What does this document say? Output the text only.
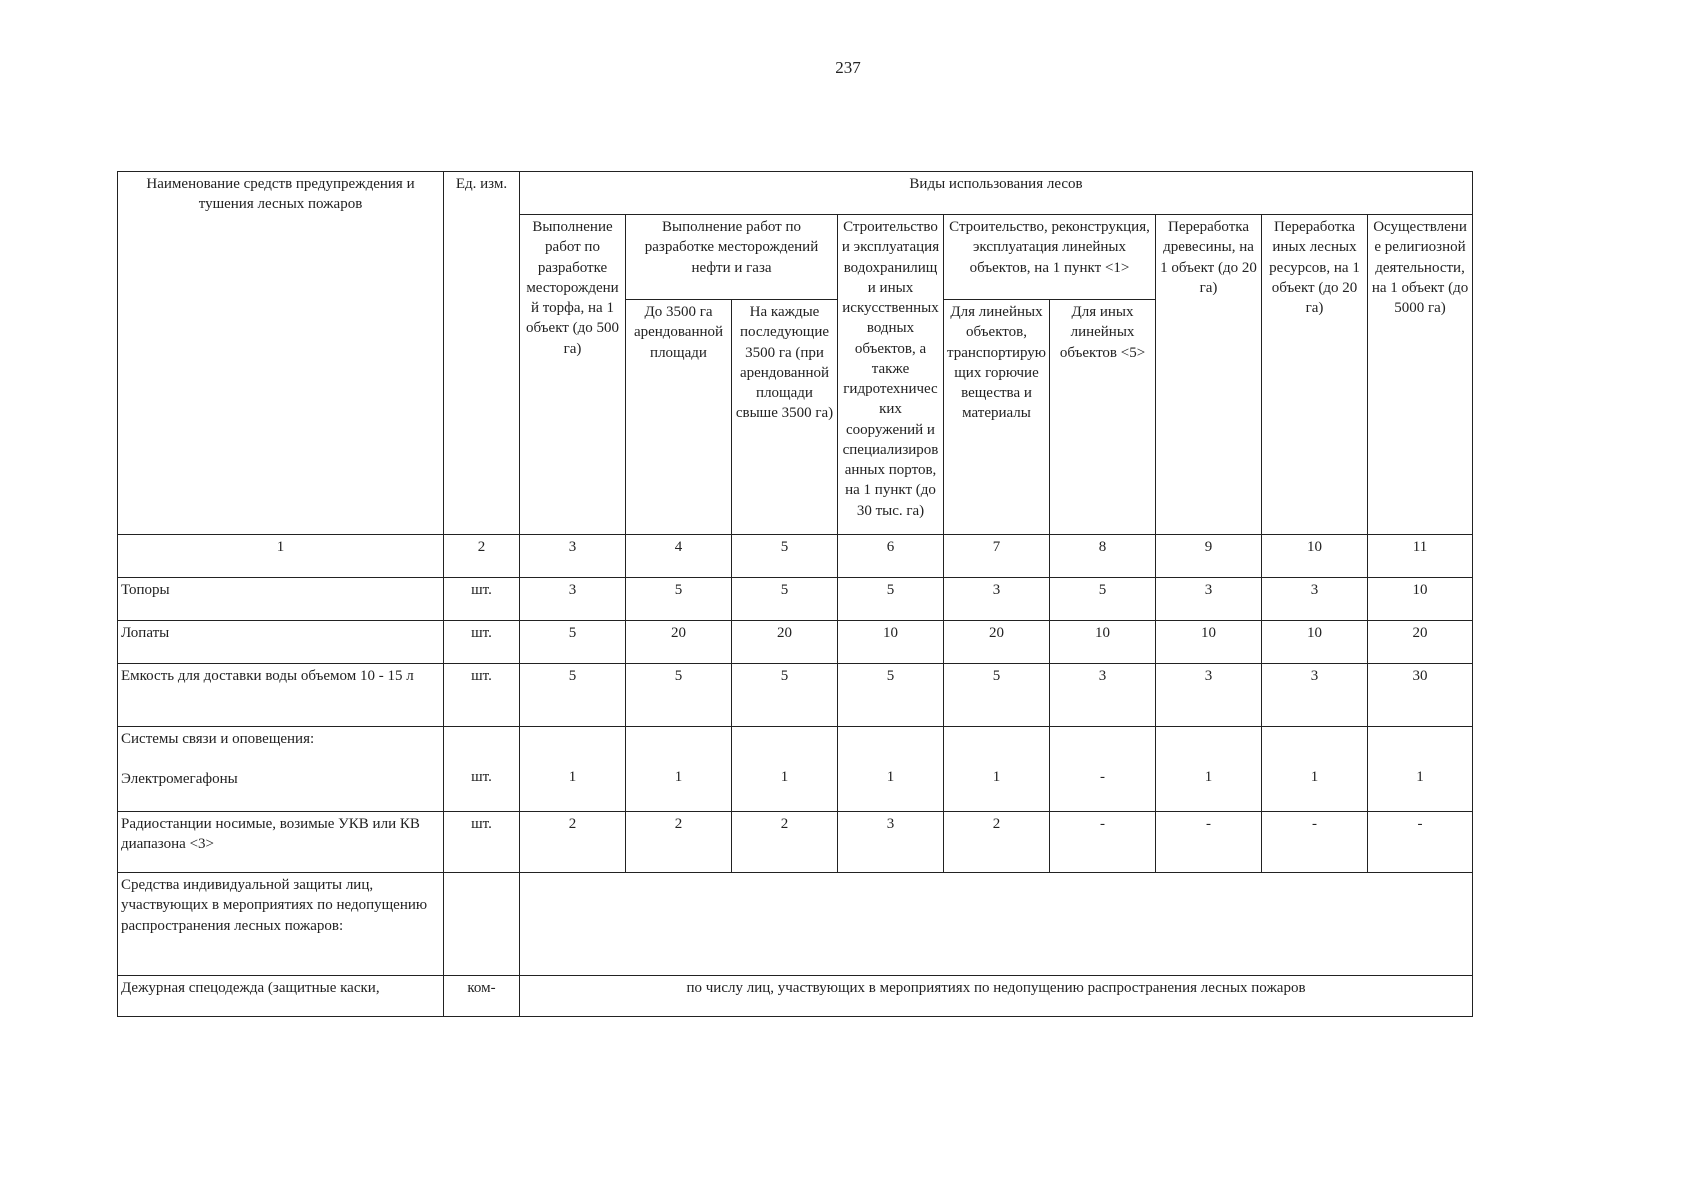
237
Наименование средств предупреждения и тушения лесных пожаров	Ед. изм.	Виды использования лесов								
		Выполнение работ по разработке месторождений торфа, на 1 объект (до 500 га)	Выполнение работ по разработке месторождений нефти и газа		Строительство и эксплуатация водохранилищ и иных искусственных водных объектов, а также гидротехнических сооружений и специализированных портов, на 1 пункт (до 30 тыс. га)	Строительство, реконструкция, эксплуатация линейных объектов, на 1 пункт <1>		Переработка древесины, на 1 объект (до 20 га)	Переработка иных лесных ресурсов, на 1 объект (до 20 га)	Осуществление религиозной деятельности, на 1 объект (до 5000 га)
			До 3500 га арендованной площади	На каждые последующие 3500 га (при арендованной площади свыше 3500 га)						
						Для линейных объектов, транспортирующих горючие вещества и материалы	Для иных линейных объектов <5>			
1	2	3	4	5	6	7	8	9	10	11
Топоры	шт.	3	5	5	5	3	5	3	3	10
Лопаты	шт.	5	20	20	10	20	10	10	10	20
Емкость для доставки воды объемом 10 - 15 л	шт.	5	5	5	5	5	3	3	3	30
Системы связи и оповещения:
Электромегафоны	шт.	1	1	1	1	1	-	1	1	1
Радиостанции носимые, возимые УКВ или КВ диапазона <3>	шт.	2	2	2	3	2	-	-	-	-
Средства индивидуальной защиты лиц, участвующих в мероприятиях по недопущению распространения лесных пожаров:										
Дежурная спецодежда (защитные каски,	ком-	по числу лиц, участвующих в мероприятиях по недопущению распространения лесных пожаров								
